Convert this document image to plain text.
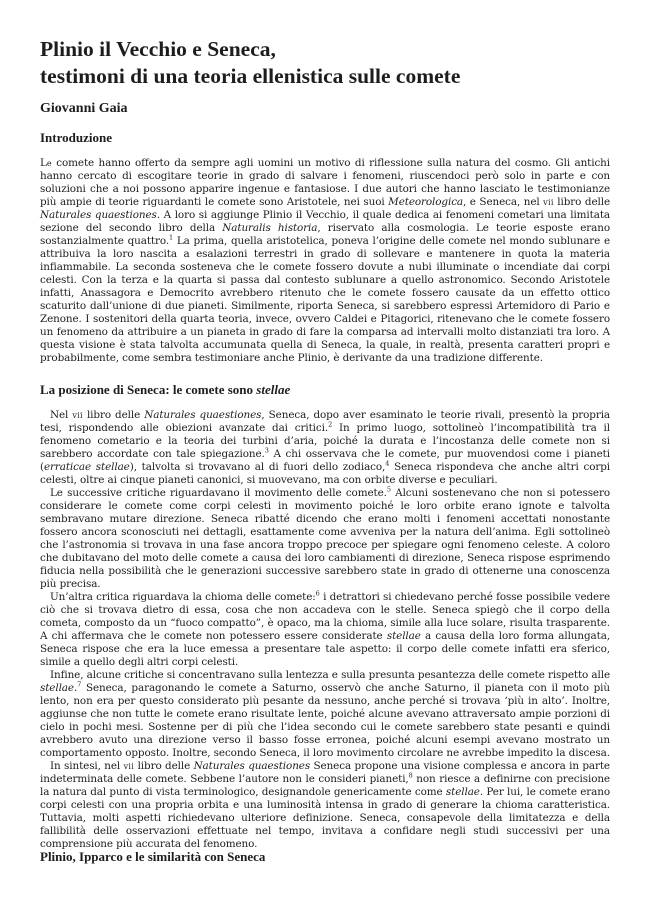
Plinio il Vecchio e Seneca,
testimoni di una teoria ellenistica sulle comete

Giovanni Gaia

Introduzione

Le comete hanno offerto da sempre agli uomini un motivo di riflessione sulla natura del cosmo. Gli antichi hanno cercato di escogitare teorie in grado di salvare i fenomeni, riuscendoci però solo in parte e con soluzioni che a noi possono apparire ingenue e fantasiose. I due autori che hanno lasciato le testimonianze più ampie di teorie riguardanti le comete sono Aristotele, nei suoi Meteorologica, e Seneca, nel vii libro delle Naturales quaestiones. A loro si aggiunge Plinio il Vecchio, il quale dedica ai fenomeni cometari una limitata sezione del secondo libro della Naturalis historia, riservato alla cosmologia. Le teorie esposte erano sostanzialmente quattro.$^1$ La prima, quella aristotelica, poneva l’origine delle comete nel mondo sublunare e attribuiva la loro nascita a esalazioni terrestri in grado di sollevare e mantenere in quota la materia infiammabile. La seconda sosteneva che le comete fossero dovute a nubi illuminate o incendiate dai corpi celesti. Con la terza e la quarta si passa dal contesto sublunare a quello astronomico. Secondo Aristotele infatti, Anassagora e Democrito avrebbero ritenuto che le comete fossero causate da un effetto ottico scaturito dall’unione di due pianeti. Similmente, riporta Seneca, si sarebbero espressi Artemidoro di Pario e Zenone. I sostenitori della quarta teoria, invece, ovvero Caldei e Pitagorici, ritenevano che le comete fossero un fenomeno da attribuire a un pianeta in grado di fare la comparsa ad intervalli molto distanziati tra loro. A questa visione è stata talvolta accumunata quella di Seneca, la quale, in realtà, presenta caratteri propri e probabilmente, come sembra testimoniare anche Plinio, è derivante da una tradizione differente.

La posizione di Seneca: le comete sono stellae

Nel vii libro delle Naturales quaestiones, Seneca, dopo aver esaminato le teorie rivali, presentò la propria tesi, rispondendo alle obiezioni avanzate dai critici.$^2$ In primo luogo, sottolineò l’incompatibilità tra il fenomeno cometario e la teoria dei turbini d’aria, poiché la durata e l’incostanza delle comete non si sarebbero accordate con tale spiegazione.$^3$ A chi osservava che le comete, pur muovendosi come i pianeti (erraticae stellae), talvolta si trovavano al di fuori dello zodiaco,$^4$ Seneca rispondeva che anche altri corpi celesti, oltre ai cinque pianeti canonici, si muovevano, ma con orbite diverse e peculiari.

Le successive critiche riguardavano il movimento delle comete.$^5$ Alcuni sostenevano che non si potessero considerare le comete come corpi celesti in movimento poiché le loro orbite erano ignote e talvolta sembravano mutare direzione. Seneca ribatté dicendo che erano molti i fenomeni accettati nonostante fossero ancora sconosciuti nei dettagli, esattamente come avveniva per la natura dell’anima. Egli sottolineò che l’astronomia si trovava in una fase ancora troppo precoce per spiegare ogni fenomeno celeste. A coloro che dubitavano del moto delle comete a causa dei loro cambiamenti di direzione, Seneca rispose esprimendo fiducia nella possibilità che le generazioni successive sarebbero state in grado di ottenerne una conoscenza più precisa.

Un’altra critica riguardava la chioma delle comete:$^6$ i detrattori si chiedevano perché fosse possibile vedere ciò che si trovava dietro di essa, cosa che non accadeva con le stelle. Seneca spiegò che il corpo della cometa, composto da un “fuoco compatto”, è opaco, ma la chioma, simile alla luce solare, risulta trasparente. A chi affermava che le comete non potessero essere considerate stellae a causa della loro forma allungata, Seneca rispose che era la luce emessa a presentare tale aspetto: il corpo delle comete infatti era sferico, simile a quello degli altri corpi celesti.

Infine, alcune critiche si concentravano sulla lentezza e sulla presunta pesantezza delle comete rispetto alle stellae.$^7$ Seneca, paragonando le comete a Saturno, osservò che anche Saturno, il pianeta con il moto più lento, non era per questo considerato più pesante da nessuno, anche perché si trovava ‘più in alto’. Inoltre, aggiunse che non tutte le comete erano risultate lente, poiché alcune avevano attraversato ampie porzioni di cielo in pochi mesi. Sostenne per di più che l’idea secondo cui le comete sarebbero state pesanti e quindi avrebbero avuto una direzione verso il basso fosse erronea, poiché alcuni esempi avevano mostrato un comportamento opposto. Inoltre, secondo Seneca, il loro movimento circolare ne avrebbe impedito la discesa.

In sintesi, nel vii libro delle Naturales quaestiones Seneca propone una visione complessa e ancora in parte indeterminata delle comete. Sebbene l’autore non le consideri pianeti,$^8$ non riesce a definirne con precisione la natura dal punto di vista terminologico, designandole genericamente come stellae. Per lui, le comete erano corpi celesti con una propria orbita e una luminosità intensa in grado di generare la chioma caratteristica. Tuttavia, molti aspetti richiedevano ulteriore definizione. Seneca, consapevole della limitatezza e della fallibilità delle osservazioni effettuate nel tempo, invitava a confidare negli studi successivi per una comprensione più accurata del fenomeno.

Plinio, Ipparco e le similarità con Seneca
